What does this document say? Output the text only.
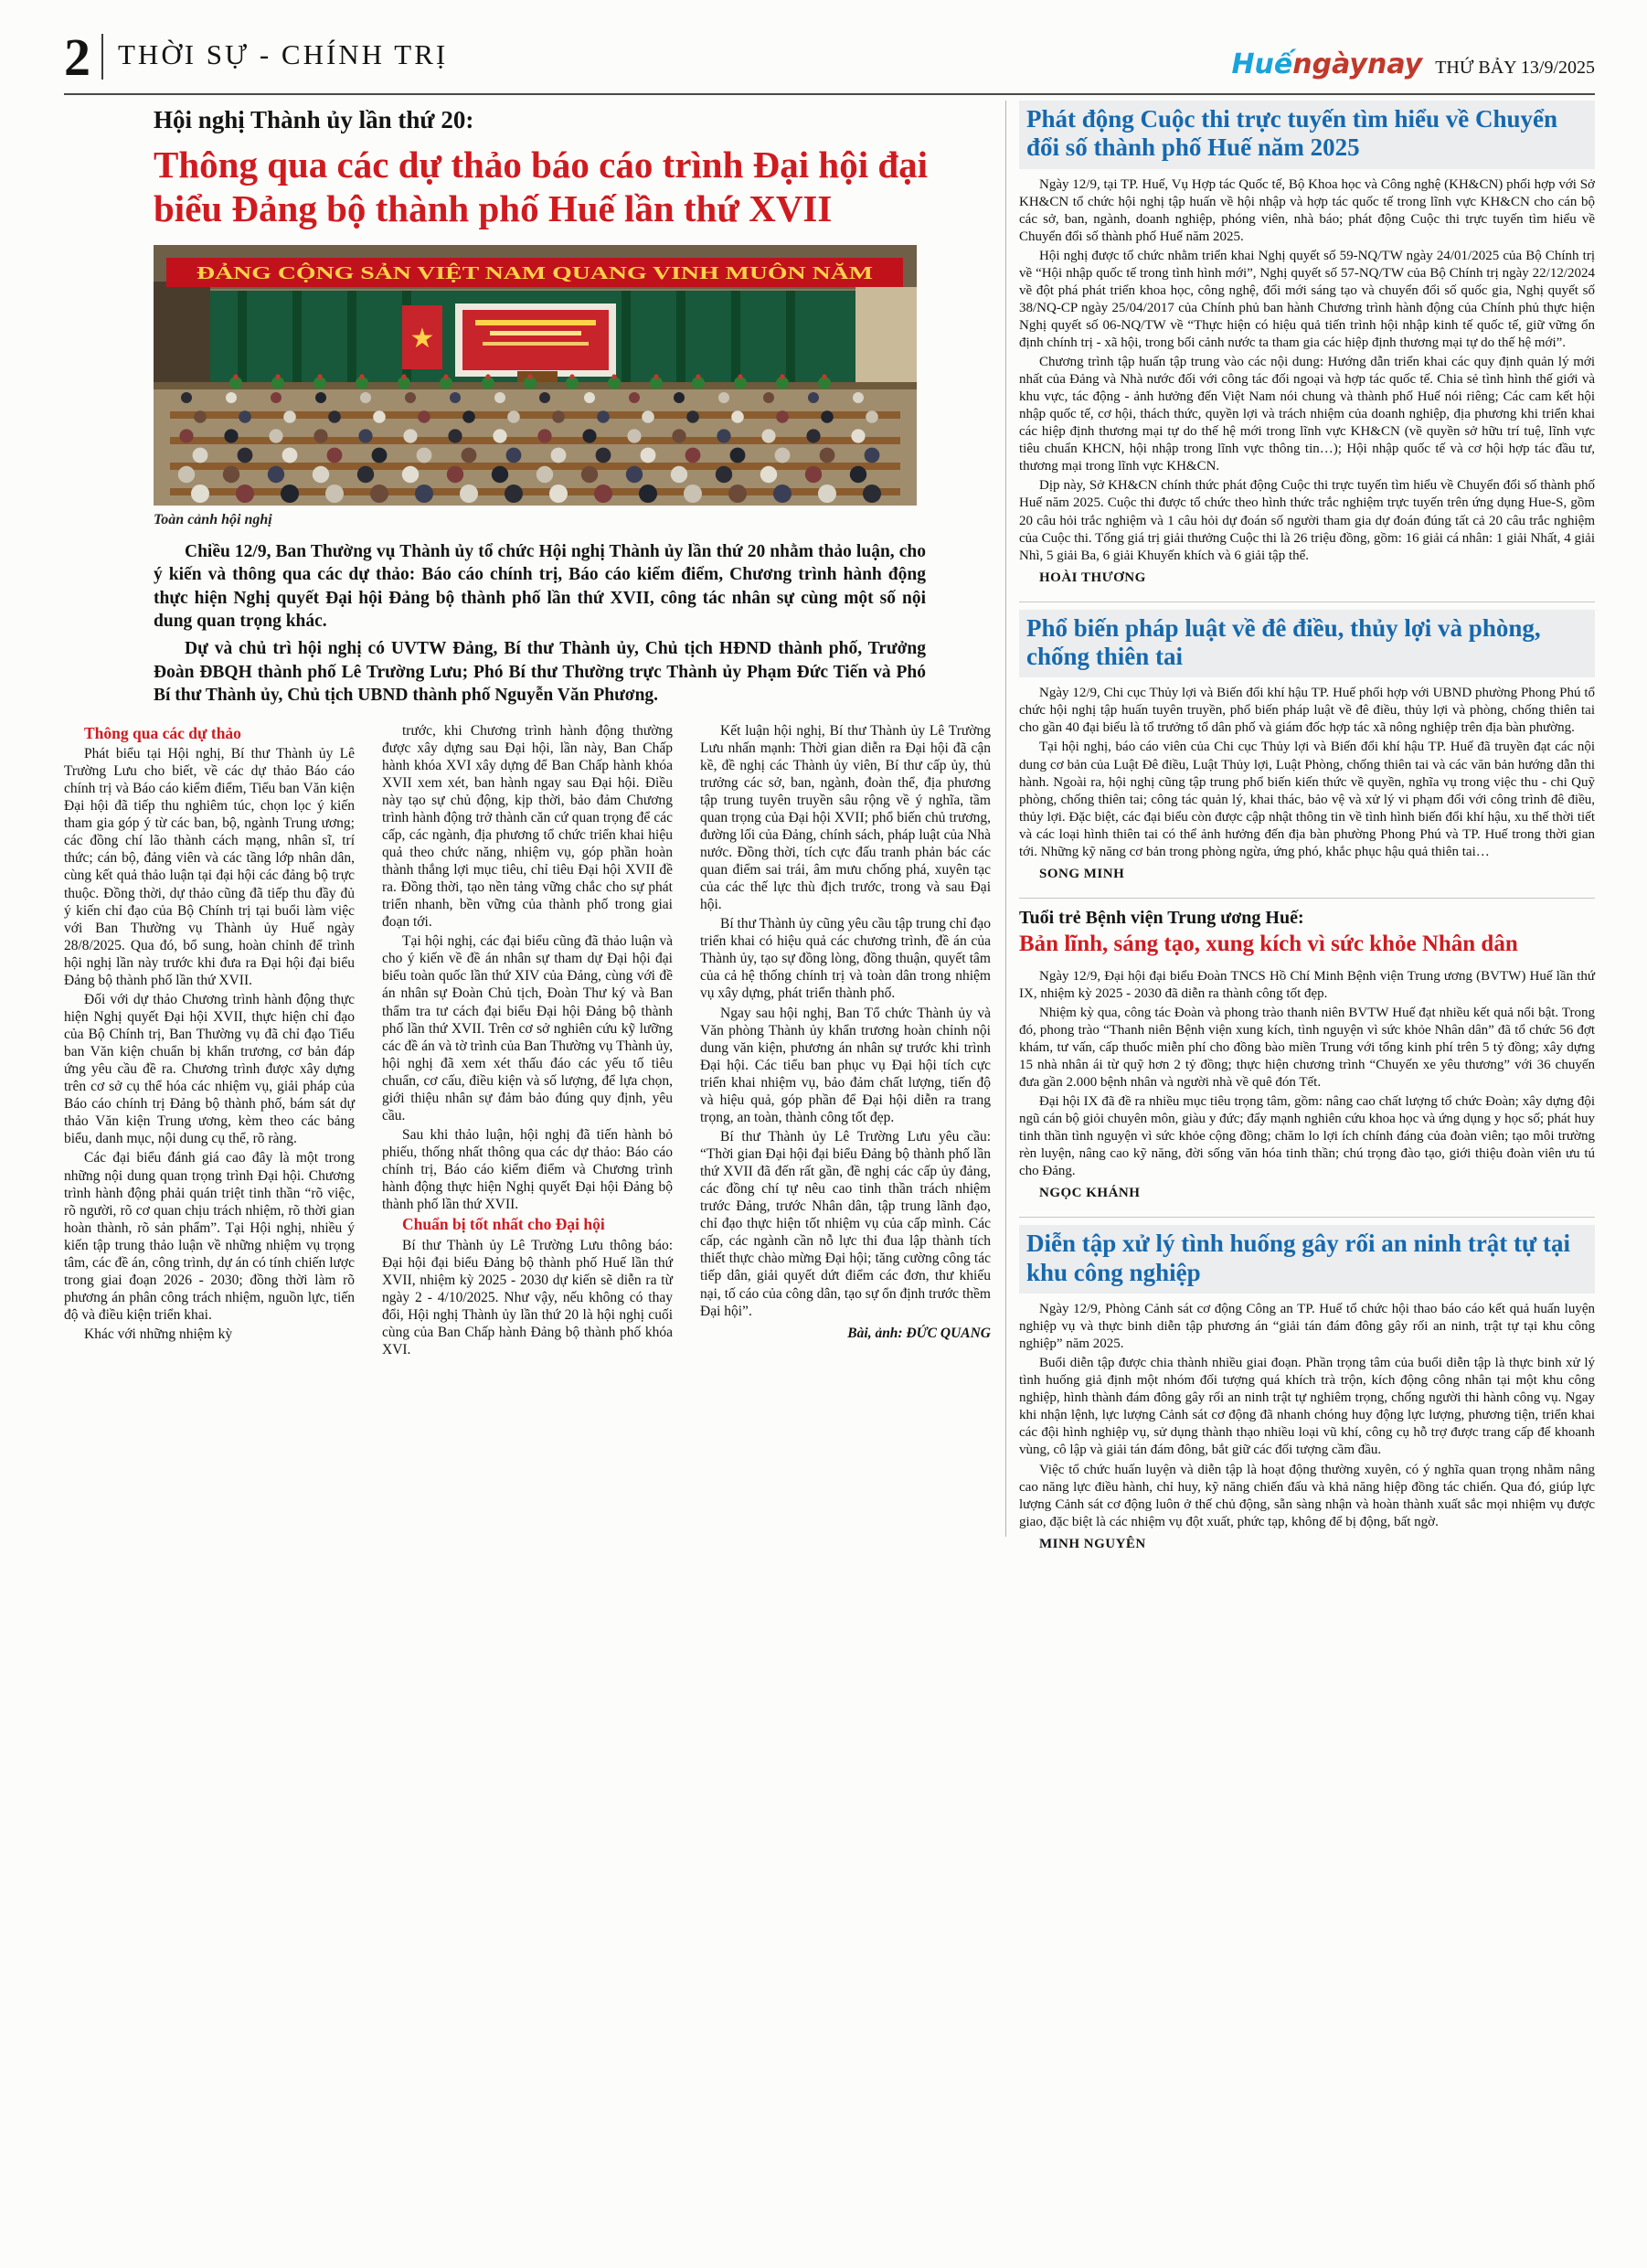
2 THỜI SỰ - CHÍNH TRỊ	Huếngàynay THỨ BẢY 13/9/2025
Hội nghị Thành ủy lần thứ 20:
Thông qua các dự thảo báo cáo trình Đại hội đại biểu Đảng bộ thành phố Huế lần thứ XVII
ĐẢNG CỘNG SẢN VIỆT NAM QUANG VINH MUÔN NĂM
★
Toàn cảnh hội nghị

Chiều 12/9, Ban Thường vụ Thành ủy tổ chức Hội nghị Thành ủy lần thứ 20 nhằm thảo luận, cho ý kiến và thông qua các dự thảo: Báo cáo chính trị, Báo cáo kiểm điểm, Chương trình hành động thực hiện Nghị quyết Đại hội Đảng bộ thành phố lần thứ XVII, công tác nhân sự cùng một số nội dung quan trọng khác.

Dự và chủ trì hội nghị có UVTW Đảng, Bí thư Thành ủy, Chủ tịch HĐND thành phố, Trưởng Đoàn ĐBQH thành phố Lê Trường Lưu; Phó Bí thư Thường trực Thành ủy Phạm Đức Tiến và Phó Bí thư Thành ủy, Chủ tịch UBND thành phố Nguyễn Văn Phương.

Thông qua các dự thảo

Phát biểu tại Hội nghị, Bí thư Thành ủy Lê Trường Lưu cho biết, về các dự thảo Báo cáo chính trị và Báo cáo kiểm điểm, Tiểu ban Văn kiện Đại hội đã tiếp thu nghiêm túc, chọn lọc ý kiến tham gia góp ý từ các ban, bộ, ngành Trung ương; các đồng chí lão thành cách mạng, nhân sĩ, trí thức; cán bộ, đảng viên và các tầng lớp nhân dân, cùng kết quả thảo luận tại đại hội các đảng bộ trực thuộc. Đồng thời, dự thảo cũng đã tiếp thu đầy đủ ý kiến chỉ đạo của Bộ Chính trị tại buổi làm việc với Ban Thường vụ Thành ủy Huế ngày 28/8/2025. Qua đó, bổ sung, hoàn chỉnh để trình hội nghị lần này trước khi đưa ra Đại hội đại biểu Đảng bộ thành phố lần thứ XVII.

Đối với dự thảo Chương trình hành động thực hiện Nghị quyết Đại hội XVII, thực hiện chỉ đạo của Bộ Chính trị, Ban Thường vụ đã chỉ đạo Tiểu ban Văn kiện chuẩn bị khẩn trương, cơ bản đáp ứng yêu cầu đề ra. Chương trình được xây dựng trên cơ sở cụ thể hóa các nhiệm vụ, giải pháp của Báo cáo chính trị Đảng bộ thành phố, bám sát dự thảo Văn kiện Trung ương, kèm theo các bảng biểu, danh mục, nội dung cụ thể, rõ ràng.

Các đại biểu đánh giá cao đây là một trong những nội dung quan trọng trình Đại hội. Chương trình hành động phải quán triệt tinh thần “rõ việc, rõ người, rõ cơ quan chịu trách nhiệm, rõ thời gian hoàn thành, rõ sản phẩm”. Tại Hội nghị, nhiều ý kiến tập trung thảo luận về những nhiệm vụ trọng tâm, các đề án, công trình, dự án có tính chiến lược trong giai đoạn 2026 - 2030; đồng thời làm rõ phương án phân công trách nhiệm, nguồn lực, tiến độ và điều kiện triển khai.

Khác với những nhiệm kỳ

trước, khi Chương trình hành động thường được xây dựng sau Đại hội, lần này, Ban Chấp hành khóa XVI xây dựng để Ban Chấp hành khóa XVII xem xét, ban hành ngay sau Đại hội. Điều này tạo sự chủ động, kịp thời, bảo đảm Chương trình hành động trở thành căn cứ quan trọng để các cấp, các ngành, địa phương tổ chức triển khai hiệu quả theo chức năng, nhiệm vụ, góp phần hoàn thành thắng lợi mục tiêu, chỉ tiêu Đại hội XVII đề ra. Đồng thời, tạo nền tảng vững chắc cho sự phát triển nhanh, bền vững của thành phố trong giai đoạn tới.

Tại hội nghị, các đại biểu cũng đã thảo luận và cho ý kiến về đề án nhân sự tham dự Đại hội đại biểu toàn quốc lần thứ XIV của Đảng, cùng với đề án nhân sự Đoàn Chủ tịch, Đoàn Thư ký và Ban thẩm tra tư cách đại biểu Đại hội Đảng bộ thành phố lần thứ XVII. Trên cơ sở nghiên cứu kỹ lưỡng các đề án và tờ trình của Ban Thường vụ Thành ủy, hội nghị đã xem xét thấu đáo các yếu tố tiêu chuẩn, cơ cấu, điều kiện và số lượng, để lựa chọn, giới thiệu nhân sự đảm bảo đúng quy định, yêu cầu.

Sau khi thảo luận, hội nghị đã tiến hành bỏ phiếu, thống nhất thông qua các dự thảo: Báo cáo chính trị, Báo cáo kiểm điểm và Chương trình hành động thực hiện Nghị quyết Đại hội Đảng bộ thành phố lần thứ XVII.

Chuẩn bị tốt nhất cho Đại hội

Bí thư Thành ủy Lê Trường Lưu thông báo: Đại hội đại biểu Đảng bộ thành phố Huế lần thứ XVII, nhiệm kỳ 2025 - 2030 dự kiến sẽ diễn ra từ ngày 2 - 4/10/2025. Như vậy, nếu không có thay đổi, Hội nghị Thành ủy lần thứ 20 là hội nghị cuối cùng của Ban Chấp hành Đảng bộ thành phố khóa XVI.

Kết luận hội nghị, Bí thư Thành ủy Lê Trường Lưu nhấn mạnh: Thời gian diễn ra Đại hội đã cận kề, đề nghị các Thành ủy viên, Bí thư cấp ủy, thủ trưởng các sở, ban, ngành, đoàn thể, địa phương tập trung tuyên truyền sâu rộng về ý nghĩa, tầm quan trọng của Đại hội XVII; phổ biến chủ trương, đường lối của Đảng, chính sách, pháp luật của Nhà nước. Đồng thời, tích cực đấu tranh phản bác các quan điểm sai trái, âm mưu chống phá, xuyên tạc của các thế lực thù địch trước, trong và sau Đại hội.

Bí thư Thành ủy cũng yêu cầu tập trung chỉ đạo triển khai có hiệu quả các chương trình, đề án của Thành ủy, tạo sự đồng lòng, đồng thuận, quyết tâm của cả hệ thống chính trị và toàn dân trong nhiệm vụ xây dựng, phát triển thành phố.

Ngay sau hội nghị, Ban Tổ chức Thành ủy và Văn phòng Thành ủy khẩn trương hoàn chỉnh nội dung văn kiện, phương án nhân sự trước khi trình Đại hội. Các tiểu ban phục vụ Đại hội tích cực triển khai nhiệm vụ, bảo đảm chất lượng, tiến độ và hiệu quả, góp phần để Đại hội diễn ra trang trọng, an toàn, thành công tốt đẹp.

Bí thư Thành ủy Lê Trường Lưu yêu cầu: “Thời gian Đại hội đại biểu Đảng bộ thành phố lần thứ XVII đã đến rất gần, đề nghị các cấp ủy đảng, các đồng chí tự nêu cao tinh thần trách nhiệm trước Đảng, trước Nhân dân, tập trung lãnh đạo, chỉ đạo thực hiện tốt nhiệm vụ của cấp mình. Các cấp, các ngành cần nỗ lực thi đua lập thành tích thiết thực chào mừng Đại hội; tăng cường công tác tiếp dân, giải quyết dứt điểm các đơn, thư khiếu nại, tố cáo của công dân, tạo sự ổn định trước thềm Đại hội”.

Bài, ảnh: ĐỨC QUANG

Phát động Cuộc thi trực tuyến tìm hiểu về Chuyển đổi số thành phố Huế năm 2025

Ngày 12/9, tại TP. Huế, Vụ Hợp tác Quốc tế, Bộ Khoa học và Công nghệ (KH&CN) phối hợp với Sở KH&CN tổ chức hội nghị tập huấn về hội nhập và hợp tác quốc tế trong lĩnh vực KH&CN cho cán bộ các sở, ban, ngành, doanh nghiệp, phóng viên, nhà báo; phát động Cuộc thi trực tuyến tìm hiểu về Chuyển đổi số thành phố Huế năm 2025.

Hội nghị được tổ chức nhằm triển khai Nghị quyết số 59-NQ/TW ngày 24/01/2025 của Bộ Chính trị về “Hội nhập quốc tế trong tình hình mới”, Nghị quyết số 57-NQ/TW của Bộ Chính trị ngày 22/12/2024 về đột phá phát triển khoa học, công nghệ, đổi mới sáng tạo và chuyển đổi số quốc gia, Nghị quyết số 38/NQ-CP ngày 25/04/2017 của Chính phủ ban hành Chương trình hành động của Chính phủ thực hiện Nghị quyết số 06-NQ/TW về “Thực hiện có hiệu quả tiến trình hội nhập kinh tế quốc tế, giữ vững ổn định chính trị - xã hội, trong bối cảnh nước ta tham gia các hiệp định thương mại tự do thế hệ mới”.

Chương trình tập huấn tập trung vào các nội dung: Hướng dẫn triển khai các quy định quản lý mới nhất của Đảng và Nhà nước đối với công tác đối ngoại và hợp tác quốc tế. Chia sẻ tình hình thế giới và khu vực, tác động - ảnh hưởng đến Việt Nam nói chung và thành phố Huế nói riêng; Các cam kết hội nhập quốc tế, cơ hội, thách thức, quyền lợi và trách nhiệm của doanh nghiệp, địa phương khi triển khai các hiệp định thương mại tự do thế hệ mới trong lĩnh vực KH&CN (về quyền sở hữu trí tuệ, lĩnh vực tiêu chuẩn KHCN, hội nhập trong lĩnh vực thông tin…); Hội nhập quốc tế và cơ hội hợp tác đầu tư, thương mại trong lĩnh vực KH&CN.

Dịp này, Sở KH&CN chính thức phát động Cuộc thi trực tuyến tìm hiểu về Chuyển đổi số thành phố Huế năm 2025. Cuộc thi được tổ chức theo hình thức trắc nghiệm trực tuyến trên ứng dụng Hue-S, gồm 20 câu hỏi trắc nghiệm và 1 câu hỏi dự đoán số người tham gia dự đoán đúng tất cả 20 câu trắc nghiệm của Cuộc thi. Tổng giá trị giải thưởng Cuộc thi là 26 triệu đồng, gồm: 16 giải cá nhân: 1 giải Nhất, 4 giải Nhì, 5 giải Ba, 6 giải Khuyến khích và 6 giải tập thể.

HOÀI THƯƠNG

Phổ biến pháp luật về đê điều, thủy lợi và phòng, chống thiên tai

Ngày 12/9, Chi cục Thủy lợi và Biến đổi khí hậu TP. Huế phối hợp với UBND phường Phong Phú tổ chức hội nghị tập huấn tuyên truyền, phổ biến pháp luật về đê điều, thủy lợi và phòng, chống thiên tai cho gần 40 đại biểu là tổ trưởng tổ dân phố và giám đốc hợp tác xã nông nghiệp trên địa bàn phường.

Tại hội nghị, báo cáo viên của Chi cục Thủy lợi và Biến đổi khí hậu TP. Huế đã truyền đạt các nội dung cơ bản của Luật Đê điều, Luật Thủy lợi, Luật Phòng, chống thiên tai và các văn bản hướng dẫn thi hành. Ngoài ra, hội nghị cũng tập trung phổ biến kiến thức về quyền, nghĩa vụ trong việc thu - chi Quỹ phòng, chống thiên tai; công tác quản lý, khai thác, bảo vệ và xử lý vi phạm đối với công trình đê điều, thủy lợi. Đặc biệt, các đại biểu còn được cập nhật thông tin về tình hình biến đổi khí hậu, xu thế thời tiết và các loại hình thiên tai có thể ảnh hưởng đến địa bàn phường Phong Phú và TP. Huế trong thời gian tới. Những kỹ năng cơ bản trong phòng ngừa, ứng phó, khắc phục hậu quả thiên tai…

SONG MINH

Tuổi trẻ Bệnh viện Trung ương Huế:
Bản lĩnh, sáng tạo, xung kích vì sức khỏe Nhân dân

Ngày 12/9, Đại hội đại biểu Đoàn TNCS Hồ Chí Minh Bệnh viện Trung ương (BVTW) Huế lần thứ IX, nhiệm kỳ 2025 - 2030 đã diễn ra thành công tốt đẹp.

Nhiệm kỳ qua, công tác Đoàn và phong trào thanh niên BVTW Huế đạt nhiều kết quả nổi bật. Trong đó, phong trào “Thanh niên Bệnh viện xung kích, tình nguyện vì sức khỏe Nhân dân” đã tổ chức 56 đợt khám, tư vấn, cấp thuốc miễn phí cho đồng bào miền Trung với tổng kinh phí trên 5 tỷ đồng; xây dựng 15 nhà nhân ái từ quỹ hơn 2 tỷ đồng; thực hiện chương trình “Chuyến xe yêu thương” với 36 chuyến đưa gần 2.000 bệnh nhân và người nhà về quê đón Tết.

Đại hội IX đã đề ra nhiều mục tiêu trọng tâm, gồm: nâng cao chất lượng tổ chức Đoàn; xây dựng đội ngũ cán bộ giỏi chuyên môn, giàu y đức; đẩy mạnh nghiên cứu khoa học và ứng dụng y học số; phát huy tinh thần tình nguyện vì sức khỏe cộng đồng; chăm lo lợi ích chính đáng của đoàn viên; tạo môi trường rèn luyện, nâng cao kỹ năng, đời sống văn hóa tinh thần; chú trọng đào tạo, giới thiệu đoàn viên ưu tú cho Đảng.

NGỌC KHÁNH

Diễn tập xử lý tình huống gây rối an ninh trật tự tại khu công nghiệp

Ngày 12/9, Phòng Cảnh sát cơ động Công an TP. Huế tổ chức hội thao báo cáo kết quả huấn luyện nghiệp vụ và thực binh diễn tập phương án “giải tán đám đông gây rối an ninh, trật tự tại khu công nghiệp” năm 2025.

Buổi diễn tập được chia thành nhiều giai đoạn. Phần trọng tâm của buổi diễn tập là thực binh xử lý tình huống giả định một nhóm đối tượng quá khích trà trộn, kích động công nhân tại một khu công nghiệp, hình thành đám đông gây rối an ninh trật tự nghiêm trọng, chống người thi hành công vụ. Ngay khi nhận lệnh, lực lượng Cảnh sát cơ động đã nhanh chóng huy động lực lượng, phương tiện, triển khai các đội hình nghiệp vụ, sử dụng thành thạo nhiều loại vũ khí, công cụ hỗ trợ được trang cấp để khoanh vùng, cô lập và giải tán đám đông, bắt giữ các đối tượng cầm đầu.

Việc tổ chức huấn luyện và diễn tập là hoạt động thường xuyên, có ý nghĩa quan trọng nhằm nâng cao năng lực điều hành, chỉ huy, kỹ năng chiến đấu và khả năng hiệp đồng tác chiến. Qua đó, giúp lực lượng Cảnh sát cơ động luôn ở thế chủ động, sẵn sàng nhận và hoàn thành xuất sắc mọi nhiệm vụ được giao, đặc biệt là các nhiệm vụ đột xuất, phức tạp, không để bị động, bất ngờ.

MINH NGUYÊN
